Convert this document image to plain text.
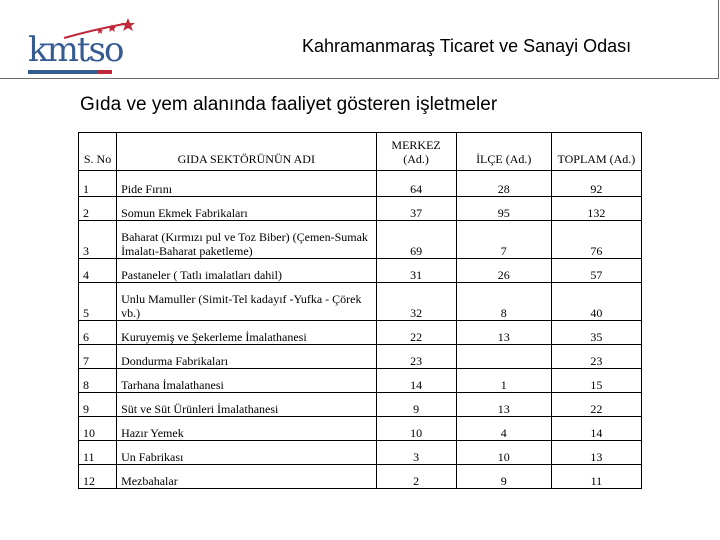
kmtso	Kahramanmaraş Ticaret ve Sanayi Odası
Gıda ve yem alanında faaliyet gösteren işletmeler
S. No	GIDA SEKTÖRÜNÜN ADI	MERKEZ (Ad.)	İLÇE (Ad.)	TOPLAM (Ad.)
1	Pide Fırını	64	28	92
2	Somun Ekmek Fabrikaları	37	95	132
3	Baharat (Kırmızı pul ve Toz Biber) (Çemen-Sumak İmalatı-Baharat paketleme)	69	7	76
4	Pastaneler ( Tatlı imalatları dahil)	31	26	57
5	Unlu Mamuller (Simit-Tel kadayıf -Yufka - Çörek vb.)	32	8	40
6	Kuruyemiş ve Şekerleme İmalathanesi	22	13	35
7	Dondurma Fabrikaları	23		23
8	Tarhana İmalathanesi	14	1	15
9	Süt ve Süt Ürünleri İmalathanesi	9	13	22
10	Hazır Yemek	10	4	14
11	Un Fabrikası	3	10	13
12	Mezbahalar	2	9	11
